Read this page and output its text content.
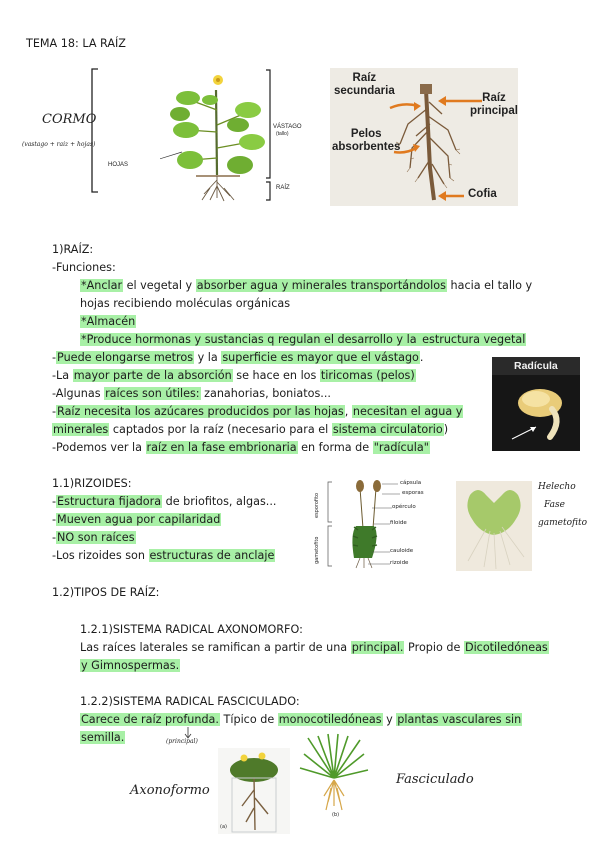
TEMA 18: LA RAÍZ
CORMO
(vastago + raiz + hojas)
HOJAS
VÁSTAGO
(tallo)
RAÍZ
Raíz
secundaria
Raíz
principal
Pelos
absorbentes
Cofia
1)RAÍZ:
-Funciones:
*Anclar el vegetal y absorber agua y minerales transportándolos hacia el tallo y
hojas recibiendo moléculas orgánicas
*Almacén
*Produce hormonas y sustancias q regulan el desarrollo y la estructura vegetal
-Puede elongarse metros y la superficie es mayor que el vástago.
-La mayor parte de la absorción se hace en los tiricomas (pelos)
-Algunas raíces son útiles: zanahorias, boniatos...
-Raíz necesita los azúcares producidos por las hojas, necesitan el agua y
minerales captados por la raíz (necesario para el sistema circulatorio)
-Podemos ver la raíz en la fase embrionaria en forma de "radícula"
Radícula
1.1)RIZOIDES:
-Estructura fijadora de briofitos, algas...
-Mueven agua por capilaridad
-NO son raíces
-Los rizoides son estructuras de anclaje
cápsula
esporas
opérculo
filoide
cauloide
rizoide
esporofito
gametofito
Helecho
Fase
gametofito
1.2)TIPOS DE RAÍZ:
1.2.1)SISTEMA RADICAL AXONOMORFO:
Las raíces laterales se ramifican a partir de una principal. Propio de Dicotiledóneas
y Gimnospermas.
1.2.2)SISTEMA RADICAL FASCICULADO:
Carece de raíz profunda. Típico de monocotiledóneas y plantas vasculares sin
semilla.	(principal)
(a)
(b)
Axonoformo
Fasciculado
